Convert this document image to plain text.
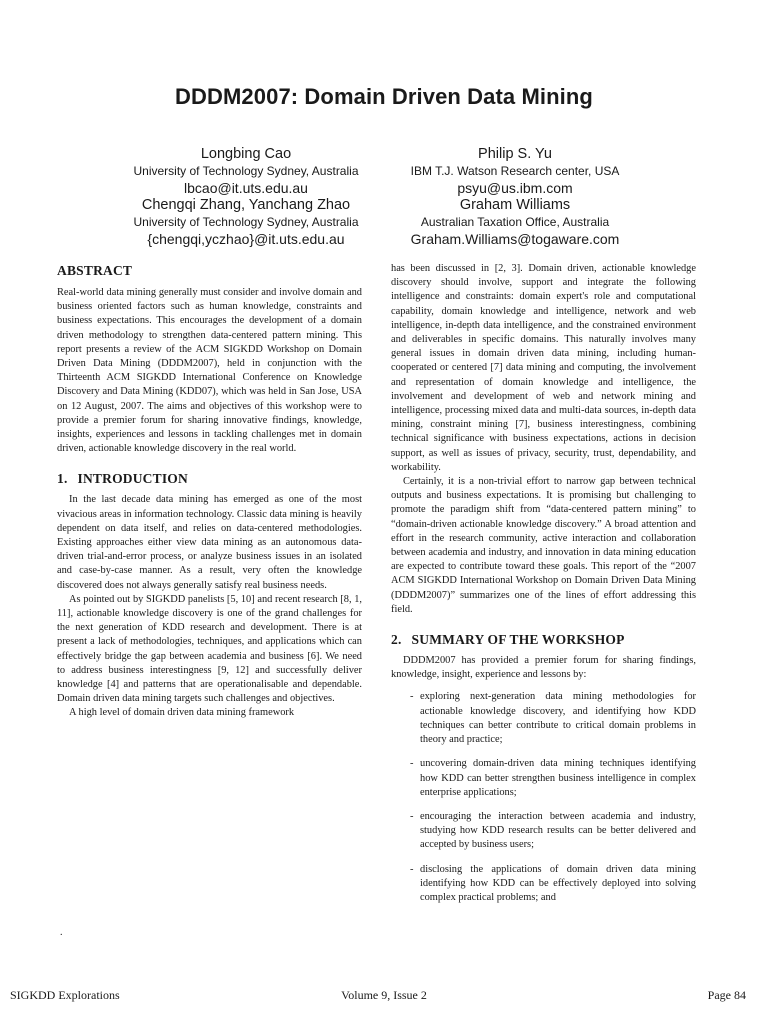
DDDM2007: Domain Driven Data Mining
Longbing Cao
University of Technology Sydney, Australia
lbcao@it.uts.edu.au
Philip S. Yu
IBM T.J. Watson Research center, USA
psyu@us.ibm.com
Chengqi Zhang, Yanchang Zhao
University of Technology Sydney, Australia
{chengqi,yczhao}@it.uts.edu.au
Graham Williams
Australian Taxation Office, Australia
Graham.Williams@togaware.com
ABSTRACT

Real-world data mining generally must consider and involve domain and business oriented factors such as human knowledge, constraints and business expectations. This encourages the development of a domain driven methodology to strengthen data-centered pattern mining. This report presents a review of the ACM SIGKDD Workshop on Domain Driven Data Mining (DDDM2007), held in conjunction with the Thirteenth ACM SIGKDD International Conference on Knowledge Discovery and Data Mining (KDD07), which was held in San Jose, USA on 12 August, 2007. The aims and objectives of this workshop were to provide a premier forum for sharing innovative findings, knowledge, insights, experiences and lessons in tackling challenges met in domain driven, actionable knowledge discovery in the real world.

1. INTRODUCTION

In the last decade data mining has emerged as one of the most vivacious areas in information technology. Classic data mining is heavily dependent on data itself, and relies on data-centered methodologies. Existing approaches either view data mining as an autonomous data-driven trial-and-error process, or analyze business issues in an isolated and case-by-case manner. As a result, very often the knowledge discovered does not always generally satisfy real business needs.

As pointed out by SIGKDD panelists [5, 10] and recent research [8, 1, 11], actionable knowledge discovery is one of the grand challenges for the next generation of KDD research and development. There is at present a lack of methodologies, techniques, and applications which can effectively bridge the gap between academia and business [6]. We need to address business interestingness [9, 12] and successfully deliver knowledge [4] and patterns that are operationalisable and dependable. Domain driven data mining targets such challenges and objectives.

A high level of domain driven data mining framework

has been discussed in [2, 3]. Domain driven, actionable knowledge discovery should involve, support and integrate the following intelligence and constraints: domain expert's role and computational capability, domain knowledge and intelligence, network and web intelligence, in-depth data intelligence, and the constrained environment and deliverables in specific domains. This naturally involves many general issues in domain driven data mining, including human-cooperated or centered [7] data mining and computing, the involvement and representation of domain knowledge and intelligence, the involvement and development of web and network mining and intelligence, processing mixed data and multi-data sources, in-depth data mining, constraint mining [7], business interestingness, combining technical significance with business expectations, actions in decision support, as well as issues of privacy, security, trust, dependability, and workability.

Certainly, it is a non-trivial effort to narrow gap between technical outputs and business expectations. It is promising but challenging to promote the paradigm shift from “data-centered pattern mining” to “domain-driven actionable knowledge discovery.” A broad attention and effort in the research community, active interaction and collaboration between academia and industry, and innovation in data mining education are expected to contribute toward these goals. This report of the “2007 ACM SIGKDD International Workshop on Domain Driven Data Mining (DDDM2007)” summarizes one of the lines of effort addressing this field.

2. SUMMARY OF THE WORKSHOP

DDDM2007 has provided a premier forum for sharing findings, knowledge, insight, experience and lessons by:

- exploring next-generation data mining methodologies for actionable knowledge discovery, and identifying how KDD techniques can better contribute to critical domain problems in theory and practice;
- uncovering domain-driven data mining techniques identifying how KDD can better strengthen business intelligence in complex enterprise applications;
- encouraging the interaction between academia and industry, studying how KDD research results can be better delivered and accepted by business users;
- disclosing the applications of domain driven data mining identifying how KDD can be effectively deployed into solving complex practical problems; and
.
SIGKDD Explorations	Volume 9, Issue 2	Page 84
